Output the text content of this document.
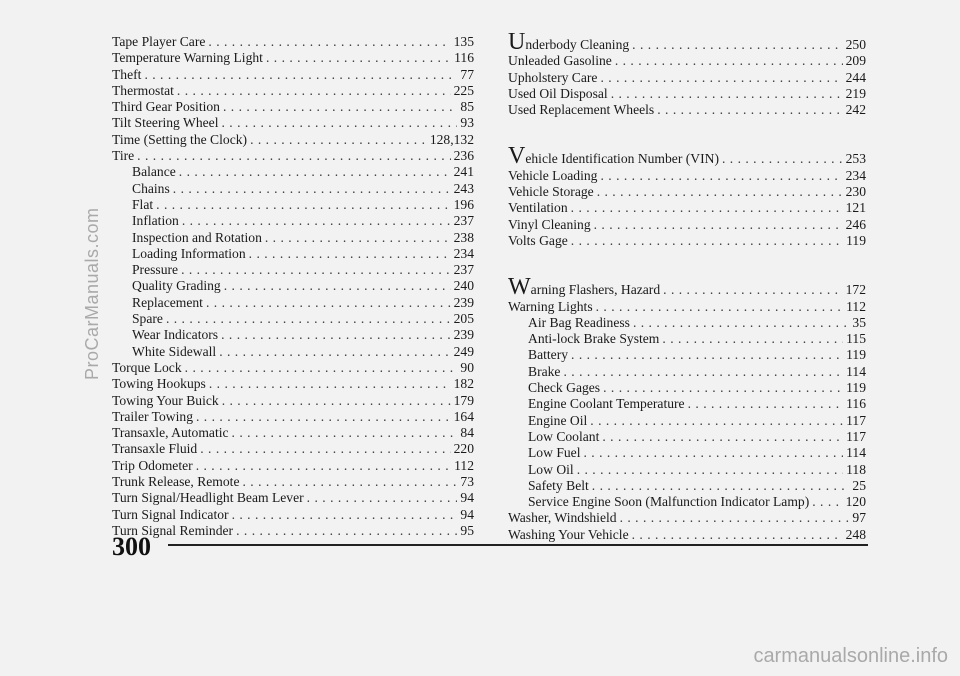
Tape Player Care . . .	135
Temperature Warning Light . . .	116
Theft . . .	77
Thermostat . . .	225
Third Gear Position . . .	85
Tilt Steering Wheel . . .	93
Time (Setting the Clock) . . .	128,132
Tire . . .	236
Balance . . .	241
Chains . . .	243
Flat . . .	196
Inflation . . .	237
Inspection and Rotation . . .	238
Loading Information . . .	234
Pressure . . .	237
Quality Grading . . .	240
Replacement . . .	239
Spare . . .	205
Wear Indicators . . .	239
White Sidewall . . .	249
Torque Lock . . .	90
Towing Hookups . . .	182
Towing Your Buick . . .	179
Trailer Towing . . .	164
Transaxle, Automatic . . .	84
Transaxle Fluid . . .	220
Trip Odometer . . .	112
Trunk Release, Remote . . .	73
Turn Signal/Headlight Beam Lever . . .	94
Turn Signal Indicator . . .	94
Turn Signal Reminder . . .	95
Underbody Cleaning . . .	250
Unleaded Gasoline . . .	209
Upholstery Care . . .	244
Used Oil Disposal . . .	219
Used Replacement Wheels . . .	242
Vehicle Identification Number (VIN) . . .	253
Vehicle Loading . . .	234
Vehicle Storage . . .	230
Ventilation . . .	121
Vinyl Cleaning . . .	246
Volts Gage . . .	119
Warning Flashers, Hazard . . .	172
Warning Lights . . .	112
Air Bag Readiness . . .	35
Anti-lock Brake System . . .	115
Battery . . .	119
Brake . . .	114
Check Gages . . .	119
Engine Coolant Temperature . . .	116
Engine Oil . . .	117
Low Coolant . . .	117
Low Fuel . . .	114
Low Oil . . .	118
Safety Belt . . .	25
Service Engine Soon (Malfunction Indicator Lamp) . . .	120
Washer, Windshield . . .	97
Washing Your Vehicle . . .	248
300
ProCarManuals.com
carmanualsonline.info
